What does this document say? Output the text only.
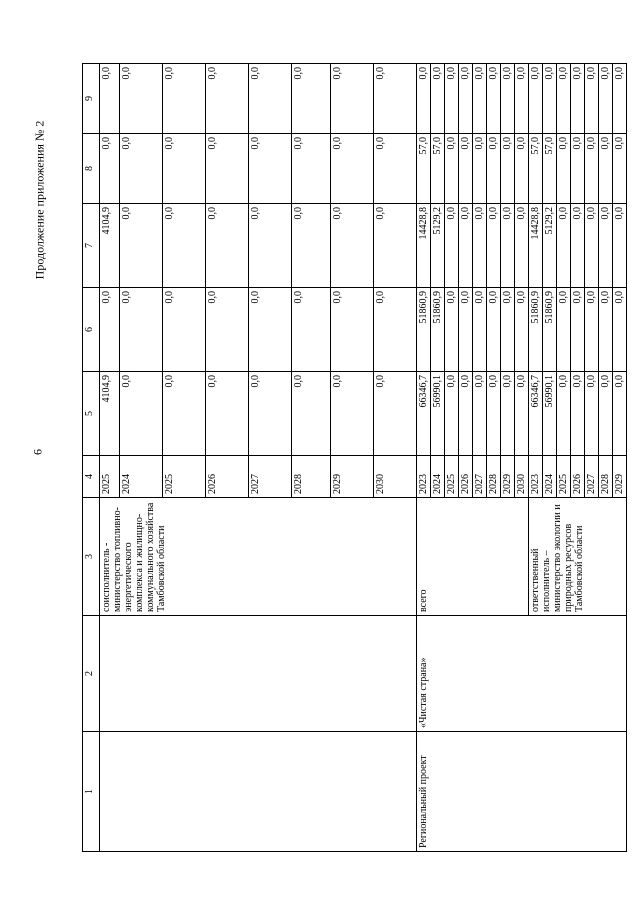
6
Продолжение приложения № 2
1	2	3	4	5	6	7	8	9
		соисполнитель - министерство топливно-энергетического комплекса и жилищно-коммунального хозяйства Тамбовской области	2025	4104,9	0,0	4104,9	0,0	0,0
			2024	0,0	0,0	0,0	0,0	0,0
			2025	0,0	0,0	0,0	0,0	0,0
			2026	0,0	0,0	0,0	0,0	0,0
			2027	0,0	0,0	0,0	0,0	0,0
			2028	0,0	0,0	0,0	0,0	0,0
			2029	0,0	0,0	0,0	0,0	0,0
			2030	0,0	0,0	0,0	0,0	0,0
Региональный проект	«Чистая страна»	всего	2023	66346,7	51860,9	14428,8	57,0	0,0
			2024	56990,1	51860,9	5129,2	57,0	0,0
			2025	0,0	0,0	0,0	0,0	0,0
			2026	0,0	0,0	0,0	0,0	0,0
			2027	0,0	0,0	0,0	0,0	0,0
			2028	0,0	0,0	0,0	0,0	0,0
			2029	0,0	0,0	0,0	0,0	0,0
			2030	0,0	0,0	0,0	0,0	0,0
		ответственный исполнитель – министерство экологии и природных ресурсов Тамбовской области	2023	66346,7	51860,9	14428,8	57,0	0,0
			2024	56990,1	51860,9	5129,2	57,0	0,0
			2025	0,0	0,0	0,0	0,0	0,0
			2026	0,0	0,0	0,0	0,0	0,0
			2027	0,0	0,0	0,0	0,0	0,0
			2028	0,0	0,0	0,0	0,0	0,0
			2029	0,0	0,0	0,0	0,0	0,0
